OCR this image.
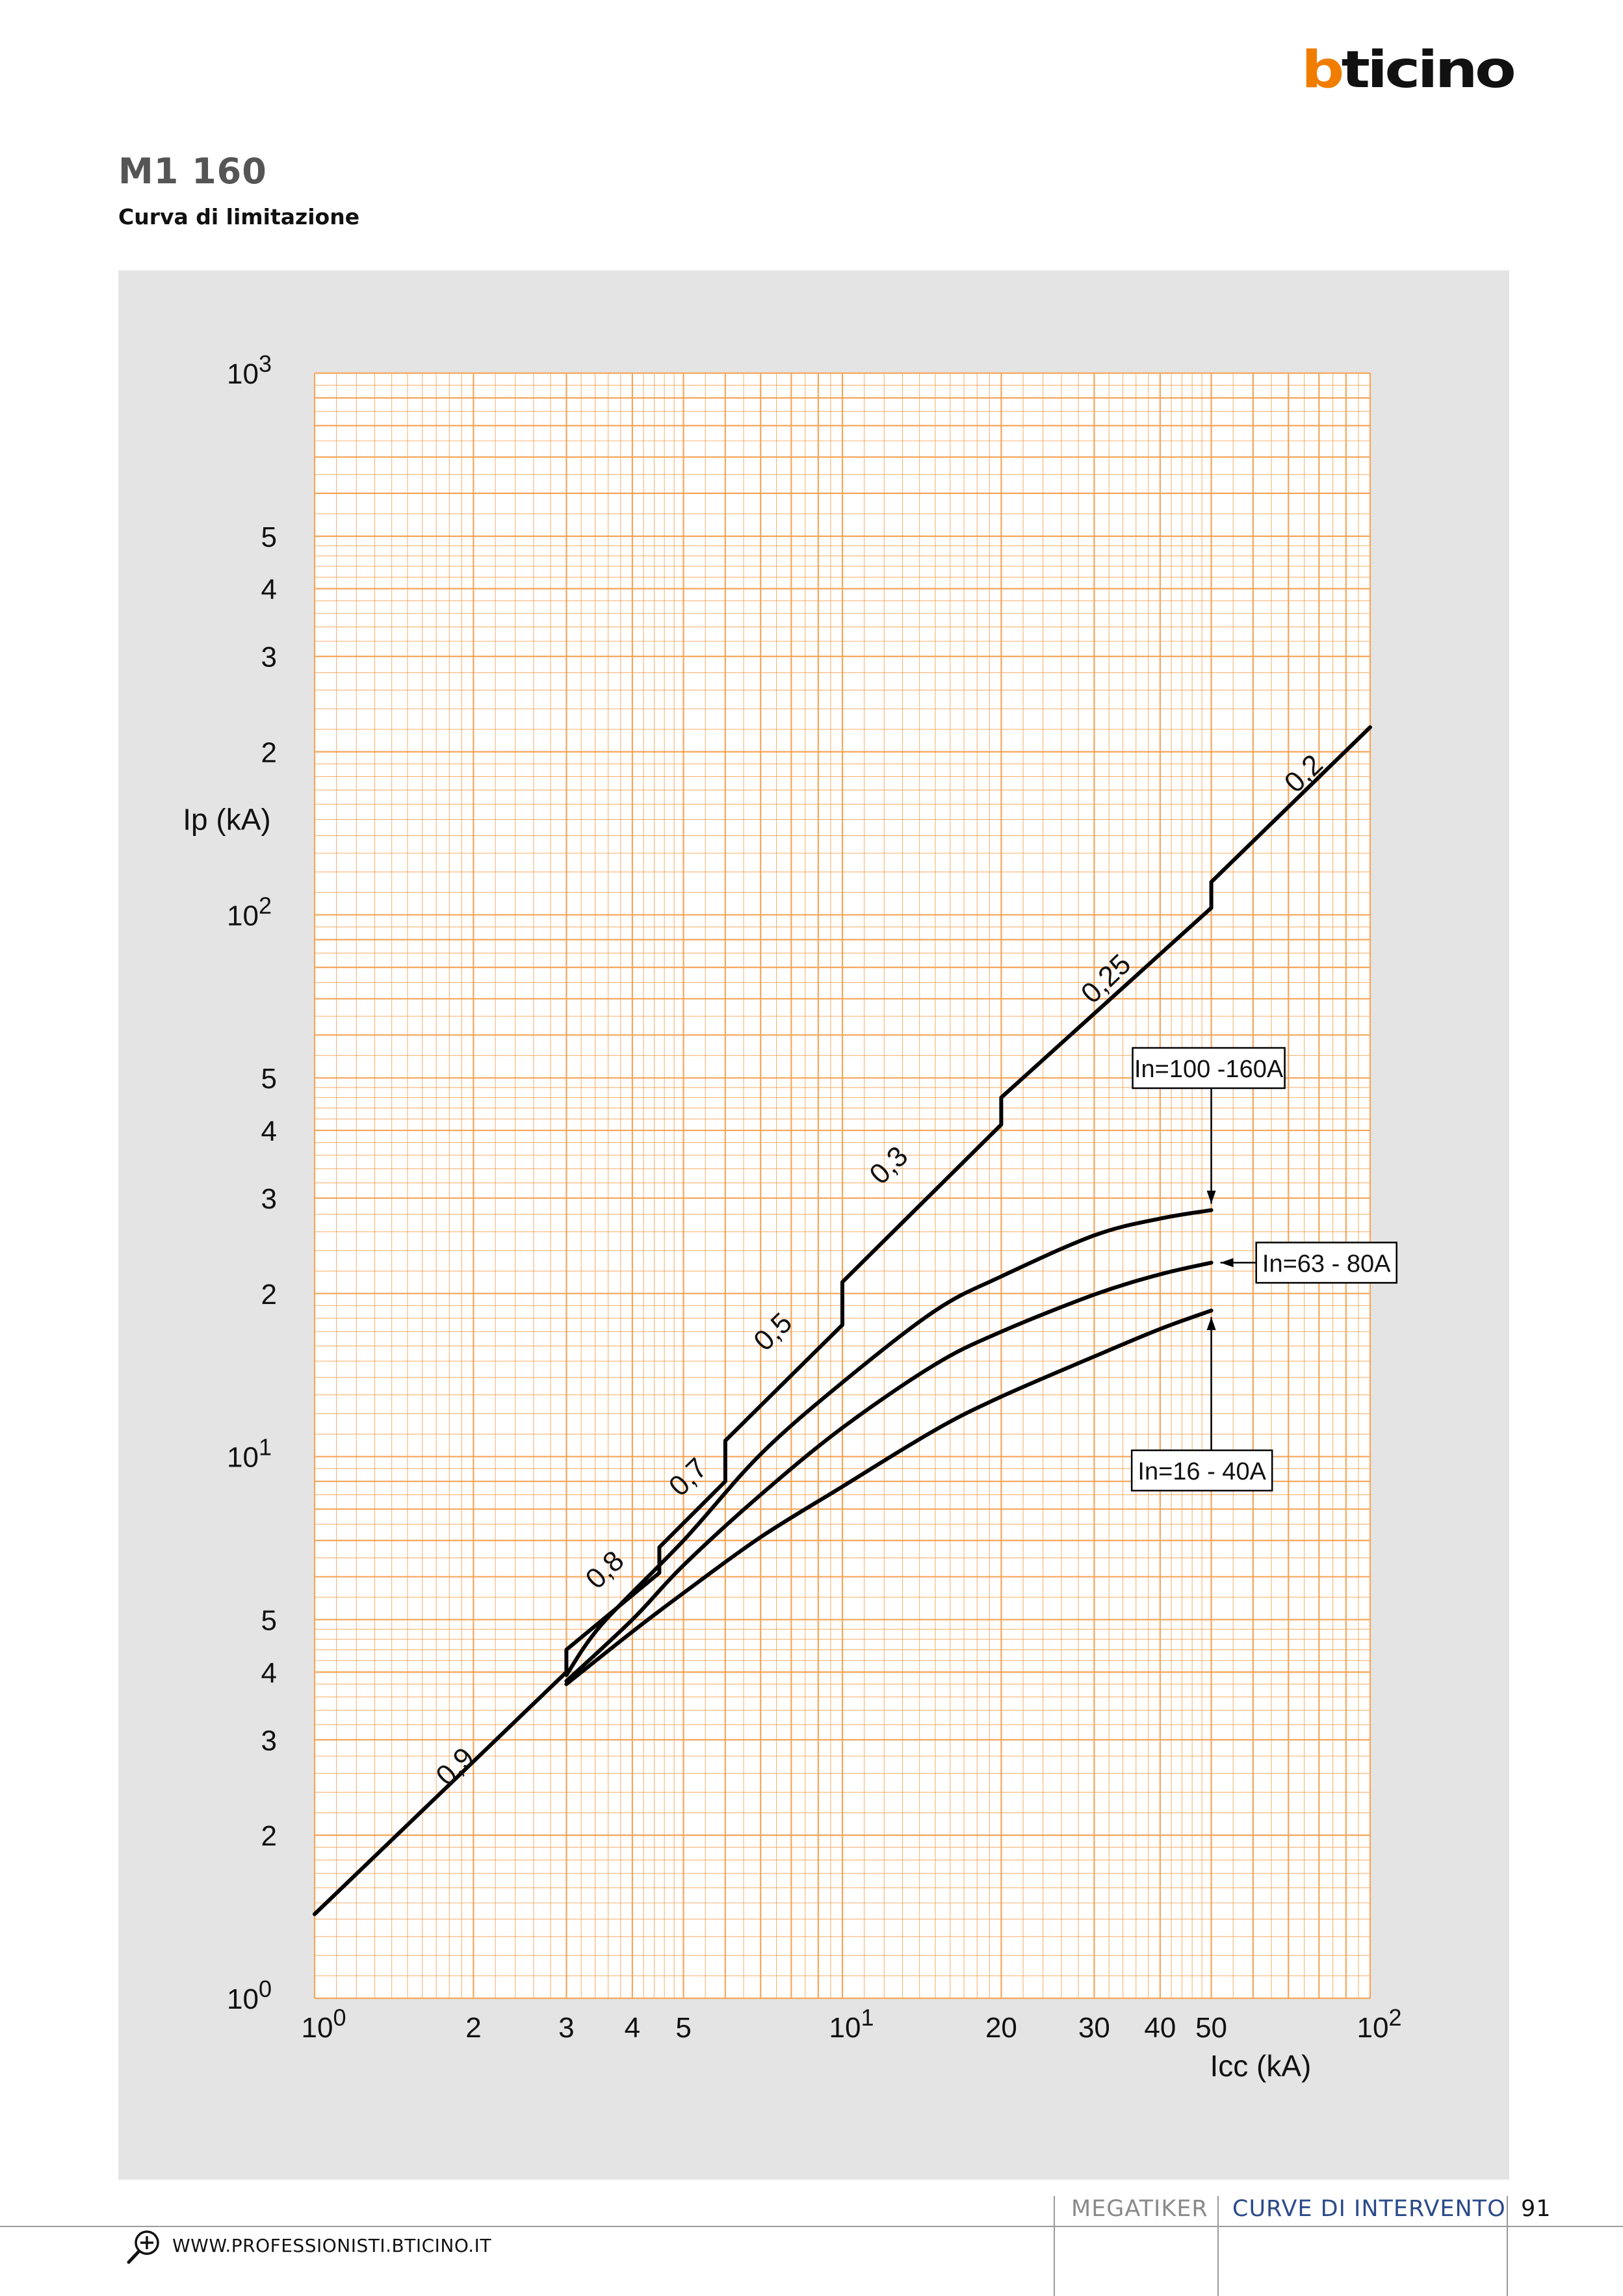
b ticino
M1 160
Curva di limitazione
$10^0$	2	3 4 5	$10^1$	20 30 40 50	$10^2$
$10^0$
2
3
4
5
$10^1$
2
3
4
5
$10^2$
2
3
4
5
$10^3$
Ip (kA)
Icc (kA)
0,9
0,8
0,7
0,5
0,3
0,25
0,2
In=100 -160A
In=63 - 80A
In=16 - 40A
MEGATIKER CURVE DI INTERVENTO 91
WWW.PROFESSIONISTI.BTICINO.IT
